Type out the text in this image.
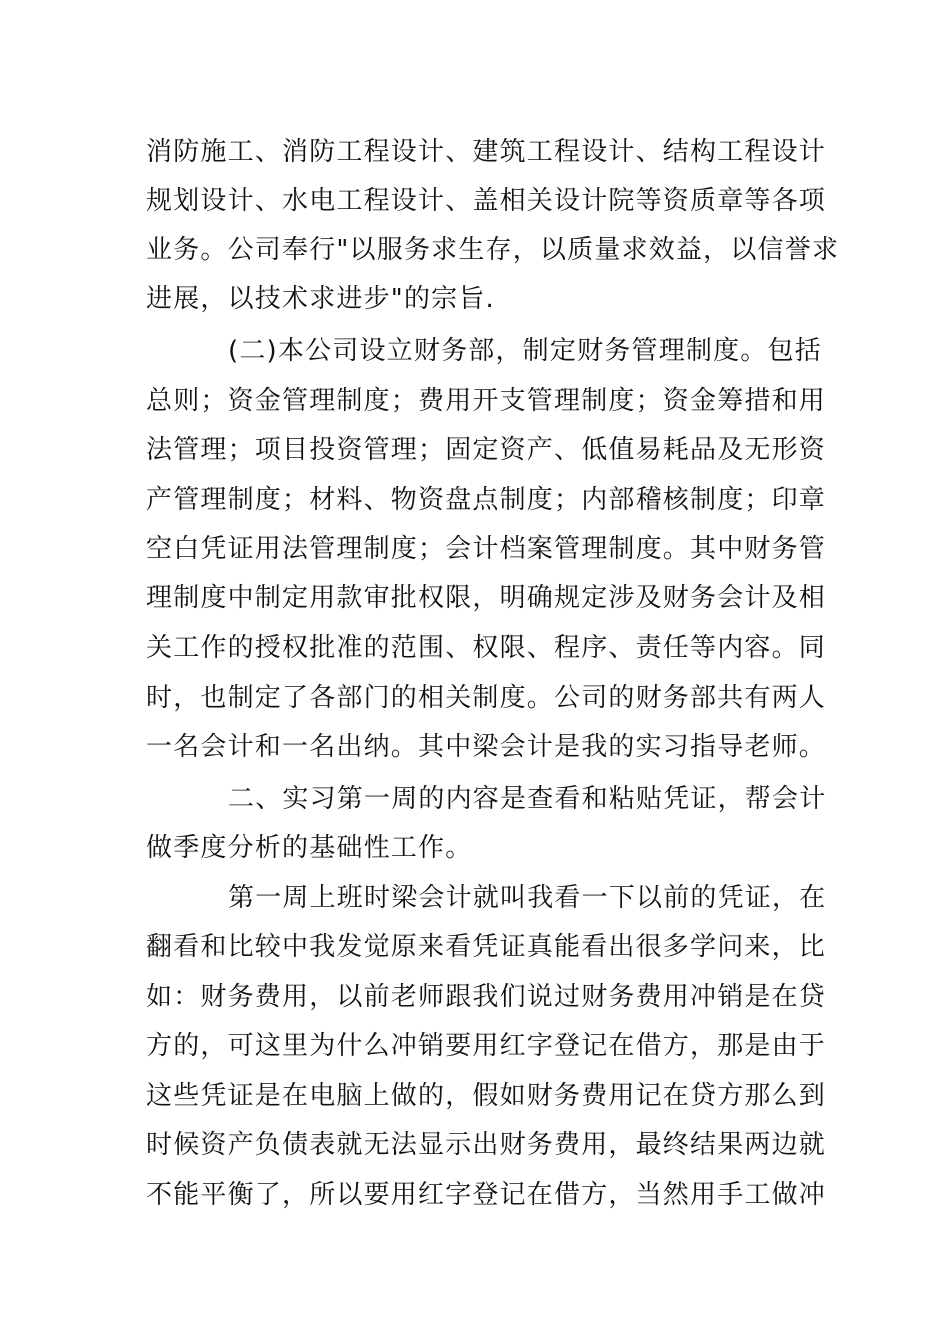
消防施工、消防工程设计、建筑工程设计、结构工程设计
规划设计、水电工程设计、盖相关设计院等资质章等各项
业务。公司奉行"以服务求生存，以质量求效益，以信誉求
进展，以技术求进步"的宗旨.
(二)本公司设立财务部，制定财务管理制度。包括
总则；资金管理制度；费用开支管理制度；资金筹措和用
法管理；项目投资管理；固定资产、低值易耗品及无形资
产管理制度；材料、物资盘点制度；内部稽核制度；印章
空白凭证用法管理制度；会计档案管理制度。其中财务管
理制度中制定用款审批权限，明确规定涉及财务会计及相
关工作的授权批准的范围、权限、程序、责任等内容。同
时，也制定了各部门的相关制度。公司的财务部共有两人
一名会计和一名出纳。其中梁会计是我的实习指导老师。
二、实习第一周的内容是查看和粘贴凭证，帮会计
做季度分析的基础性工作。
第一周上班时梁会计就叫我看一下以前的凭证，在
翻看和比较中我发觉原来看凭证真能看出很多学问来，比
如：财务费用，以前老师跟我们说过财务费用冲销是在贷
方的，可这里为什么冲销要用红字登记在借方，那是由于
这些凭证是在电脑上做的，假如财务费用记在贷方那么到
时候资产负债表就无法显示出财务费用，最终结果两边就
不能平衡了，所以要用红字登记在借方，当然用手工做冲
